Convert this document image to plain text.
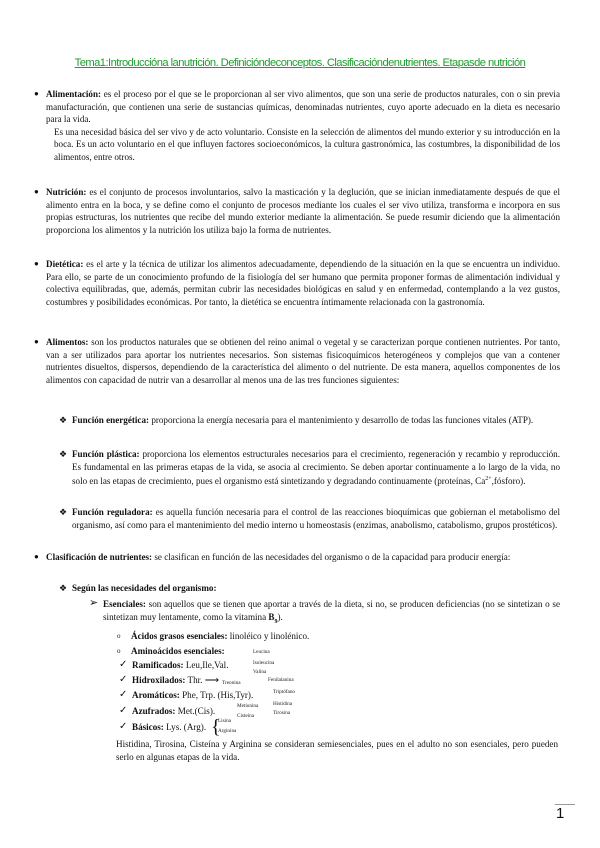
Tema1:Introduccióna lanutrición. Definicióndeconceptos. Clasificacióndenutrientes. Etapasde nutrición
● Alimentación: es el proceso por el que se le proporcionan al ser vivo alimentos, que son una serie de productos naturales, con o sin previa manufacturación, que contienen una serie de sustancias químicas, denominadas nutrientes, cuyo aporte adecuado en la dieta es necesario para la vida.
Es una necesidad básica del ser vivo y de acto voluntario. Consiste en la selección de alimentos del mundo exterior y su introducción en la boca. Es un acto voluntario en el que influyen factores socioeconómicos, la cultura gastronómica, las costumbres, la disponibilidad de los alimentos, entre otros.
● Nutrición: es el conjunto de procesos involuntarios, salvo la masticación y la deglución, que se inician inmediatamente después de que el alimento entra en la boca, y se define como el conjunto de procesos mediante los cuales el ser vivo utiliza, transforma e incorpora en sus propias estructuras, los nutrientes que recibe del mundo exterior mediante la alimentación. Se puede resumir diciendo que la alimentación proporciona los alimentos y la nutrición los utiliza bajo la forma de nutrientes.
● Dietética: es el arte y la técnica de utilizar los alimentos adecuadamente, dependiendo de la situación en la que se encuentra un individuo. Para ello, se parte de un conocimiento profundo de la fisiología del ser humano que permita proponer formas de alimentación individual y colectiva equilibradas, que, además, permitan cubrir las necesidades biológicas en salud y en enfermedad, contemplando a la vez gustos, costumbres y posibilidades económicas. Por tanto, la dietética se encuentra íntimamente relacionada con la gastronomía.
● Alimentos: son los productos naturales que se obtienen del reino animal o vegetal y se caracterizan porque contienen nutrientes. Por tanto, van a ser utilizados para aportar los nutrientes necesarios. Son sistemas fisicoquímicos heterogéneos y complejos que van a contener nutrientes disueltos, dispersos, dependiendo de la característica del alimento o del nutriente. De esta manera, aquellos componentes de los alimentos con capacidad de nutrir van a desarrollar al menos una de las tres funciones siguientes:
❖ Función energética: proporciona la energía necesaria para el mantenimiento y desarrollo de todas las funciones vitales (ATP).
❖ Función plástica: proporciona los elementos estructurales necesarios para el crecimiento, regeneración y recambio y reproducción. Es fundamental en las primeras etapas de la vida, se asocia al crecimiento. Se deben aportar continuamente a lo largo de la vida, no solo en las etapas de crecimiento, pues el organismo está sintetizando y degradando continuamente (proteínas, $Ca^{2+},fósforo$).
❖ Función reguladora: es aquella función necesaria para el control de las reacciones bioquímicas que gobiernan el metabolismo del organismo, así como para el mantenimiento del medio interno u homeostasis (enzimas, anabolismo, catabolismo, grupos prostéticos).
● Clasificación de nutrientes: se clasifican en función de las necesidades del organismo o de la capacidad para producir energía:
❖ Según las necesidades del organismo:
➢ Esenciales: son aquellos que se tienen que aportar a través de la dieta, si no, se producen deficiencias (no se sintetizan o se sintetizan muy lentamente, como la vitamina $B_9$).
o Ácidos grasos esenciales: linoléico y linolénico.
o Aminoácidos esenciales:
✓ Ramificados: Leu,Ile,Val.
Leucina
Isoleucina
Valina
✓ Hidroxilados: Thr. ⟶ Treonina	Fenilalanina
✓ Aromáticos: Phe, Trp. (His,Tyr).	Triptófano
Histidina
Metionina
Tirosina
✓ Azufrados: Met.(Cis).	Cisteína
✓ Básicos: Lys. (Arg). {
Lisina
Arginina
Histidina, Tirosina, Cisteína y Arginina se consideran semiesenciales, pues en el adulto no son esenciales, pero pueden serlo en algunas etapas de la vida.
1
